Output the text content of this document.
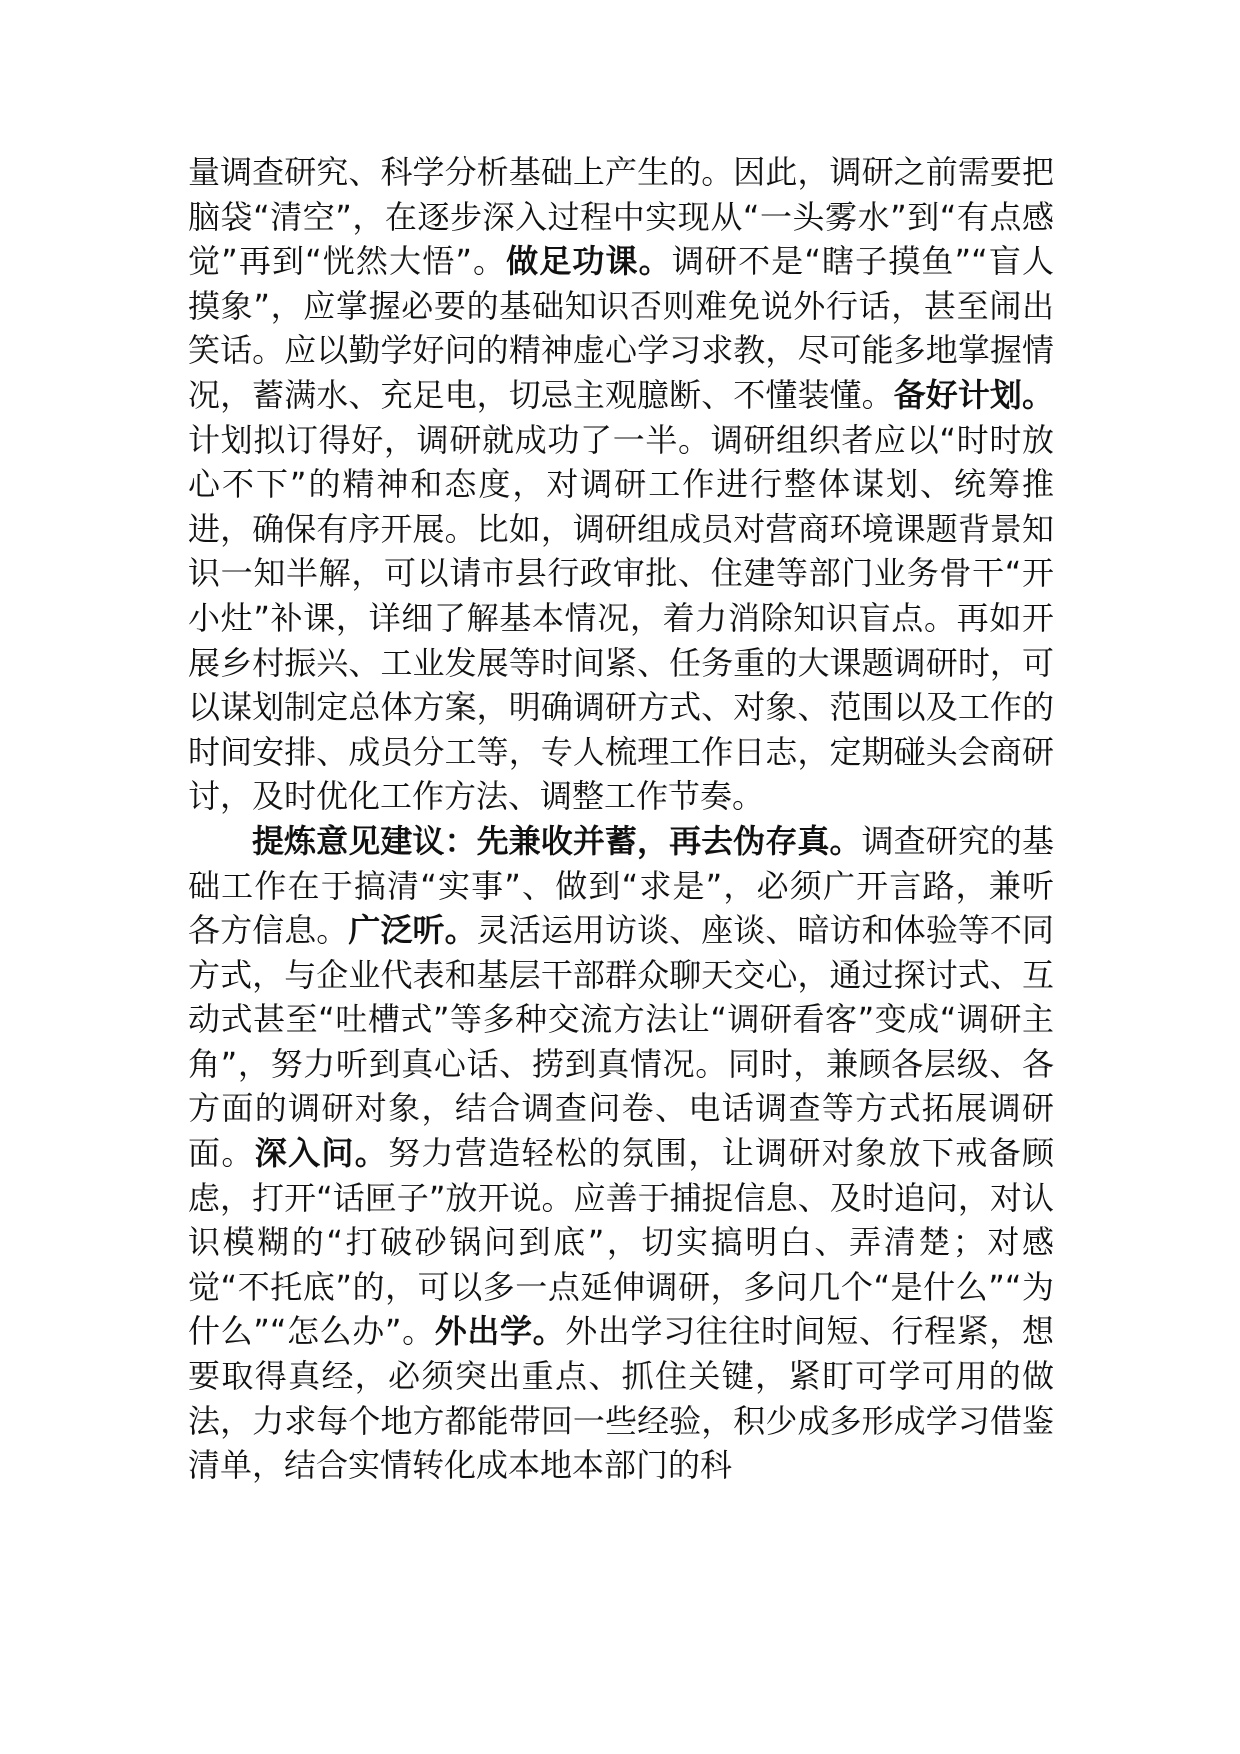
量调查研究、科学分析基础上产生的。因此，调研之前需要把脑袋“清空”，在逐步深入过程中实现从“一头雾水”到“有点感觉”再到“恍然大悟”。做足功课。调研不是“瞎子摸鱼”“盲人摸象”，应掌握必要的基础知识否则难免说外行话，甚至闹出笑话。应以勤学好问的精神虚心学习求教，尽可能多地掌握情况，蓄满水、充足电，切忌主观臆断、不懂装懂。备好计划。计划拟订得好，调研就成功了一半。调研组织者应以“时时放心不下”的精神和态度，对调研工作进行整体谋划、统筹推进，确保有序开展。比如，调研组成员对营商环境课题背景知识一知半解，可以请市县行政审批、住建等部门业务骨干“开小灶”补课，详细了解基本情况，着力消除知识盲点。再如开展乡村振兴、工业发展等时间紧、任务重的大课题调研时，可以谋划制定总体方案，明确调研方式、对象、范围以及工作的时间安排、成员分工等，专人梳理工作日志，定期碰头会商研讨，及时优化工作方法、调整工作节奏。

提炼意见建议：先兼收并蓄，再去伪存真。调查研究的基础工作在于搞清“实事”、做到“求是”，必须广开言路，兼听各方信息。广泛听。灵活运用访谈、座谈、暗访和体验等不同方式，与企业代表和基层干部群众聊天交心，通过探讨式、互动式甚至“吐槽式”等多种交流方法让“调研看客”变成“调研主角”，努力听到真心话、捞到真情况。同时，兼顾各层级、各方面的调研对象，结合调查问卷、电话调查等方式拓展调研面。深入问。努力营造轻松的氛围，让调研对象放下戒备顾虑，打开“话匣子”放开说。应善于捕捉信息、及时追问，对认识模糊的“打破砂锅问到底”，切实搞明白、弄清楚；对感觉“不托底”的，可以多一点延伸调研，多问几个“是什么”“为什么”“怎么办”。外出学。外出学习往往时间短、行程紧，想要取得真经，必须突出重点、抓住关键，紧盯可学可用的做法，力求每个地方都能带回一些经验，积少成多形成学习借鉴清单，结合实情转化成本地本部门的科
